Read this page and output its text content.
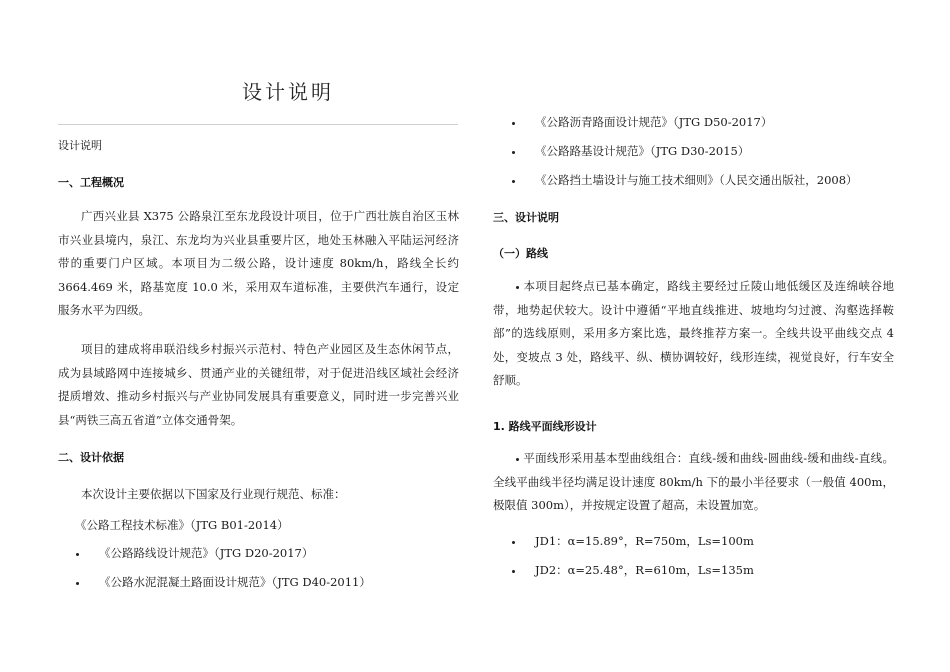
设计说明
设计说明
一、工程概况
广西兴业县 X375 公路泉江至东龙段设计项目，位于广西壮族自治区玉林市兴业县境内，泉江、东龙均为兴业县重要片区，地处玉林融入平陆运河经济带的重要门户区域。本项目为二级公路，设计速度 80km/h，路线全长约 3664.469 米，路基宽度 10.0 米，采用双车道标准，主要供汽车通行，设定服务水平为四级。
项目的建成将串联沿线乡村振兴示范村、特色产业园区及生态休闲节点，成为县域路网中连接城乡、贯通产业的关键纽带，对于促进沿线区域社会经济提质增效、推动乡村振兴与产业协同发展具有重要意义，同时进一步完善兴业县“两铁三高五省道”立体交通骨架。
二、设计依据
本次设计主要依据以下国家及行业现行规范、标准：
《公路工程技术标准》（JTG B01-2014）
《公路路线设计规范》（JTG D20-2017）
《公路水泥混凝土路面设计规范》（JTG D40-2011）
《公路沥青路面设计规范》（JTG D50-2017）
《公路路基设计规范》（JTG D30-2015）
《公路挡土墙设计与施工技术细则》（人民交通出版社，2008）
三、设计说明
（一）路线
本项目起终点已基本确定，路线主要经过丘陵山地低缓区及连绵峡谷地带，地势起伏较大。设计中遵循“平地直线推进、坡地均匀过渡、沟壑选择鞍部”的选线原则，采用多方案比选，最终推荐方案一。全线共设平曲线交点 4 处，变坡点 3 处，路线平、纵、横协调较好，线形连续，视觉良好，行车安全舒顺。
1. 路线平面线形设计
平面线形采用基本型曲线组合：直线-缓和曲线-圆曲线-缓和曲线-直线。全线平曲线半径均满足设计速度 80km/h 下的最小半径要求（一般值 400m，极限值 300m），并按规定设置了超高，未设置加宽。
JD1：α=15.89°，R=750m，Ls=100m
JD2：α=25.48°，R=610m，Ls=135m
